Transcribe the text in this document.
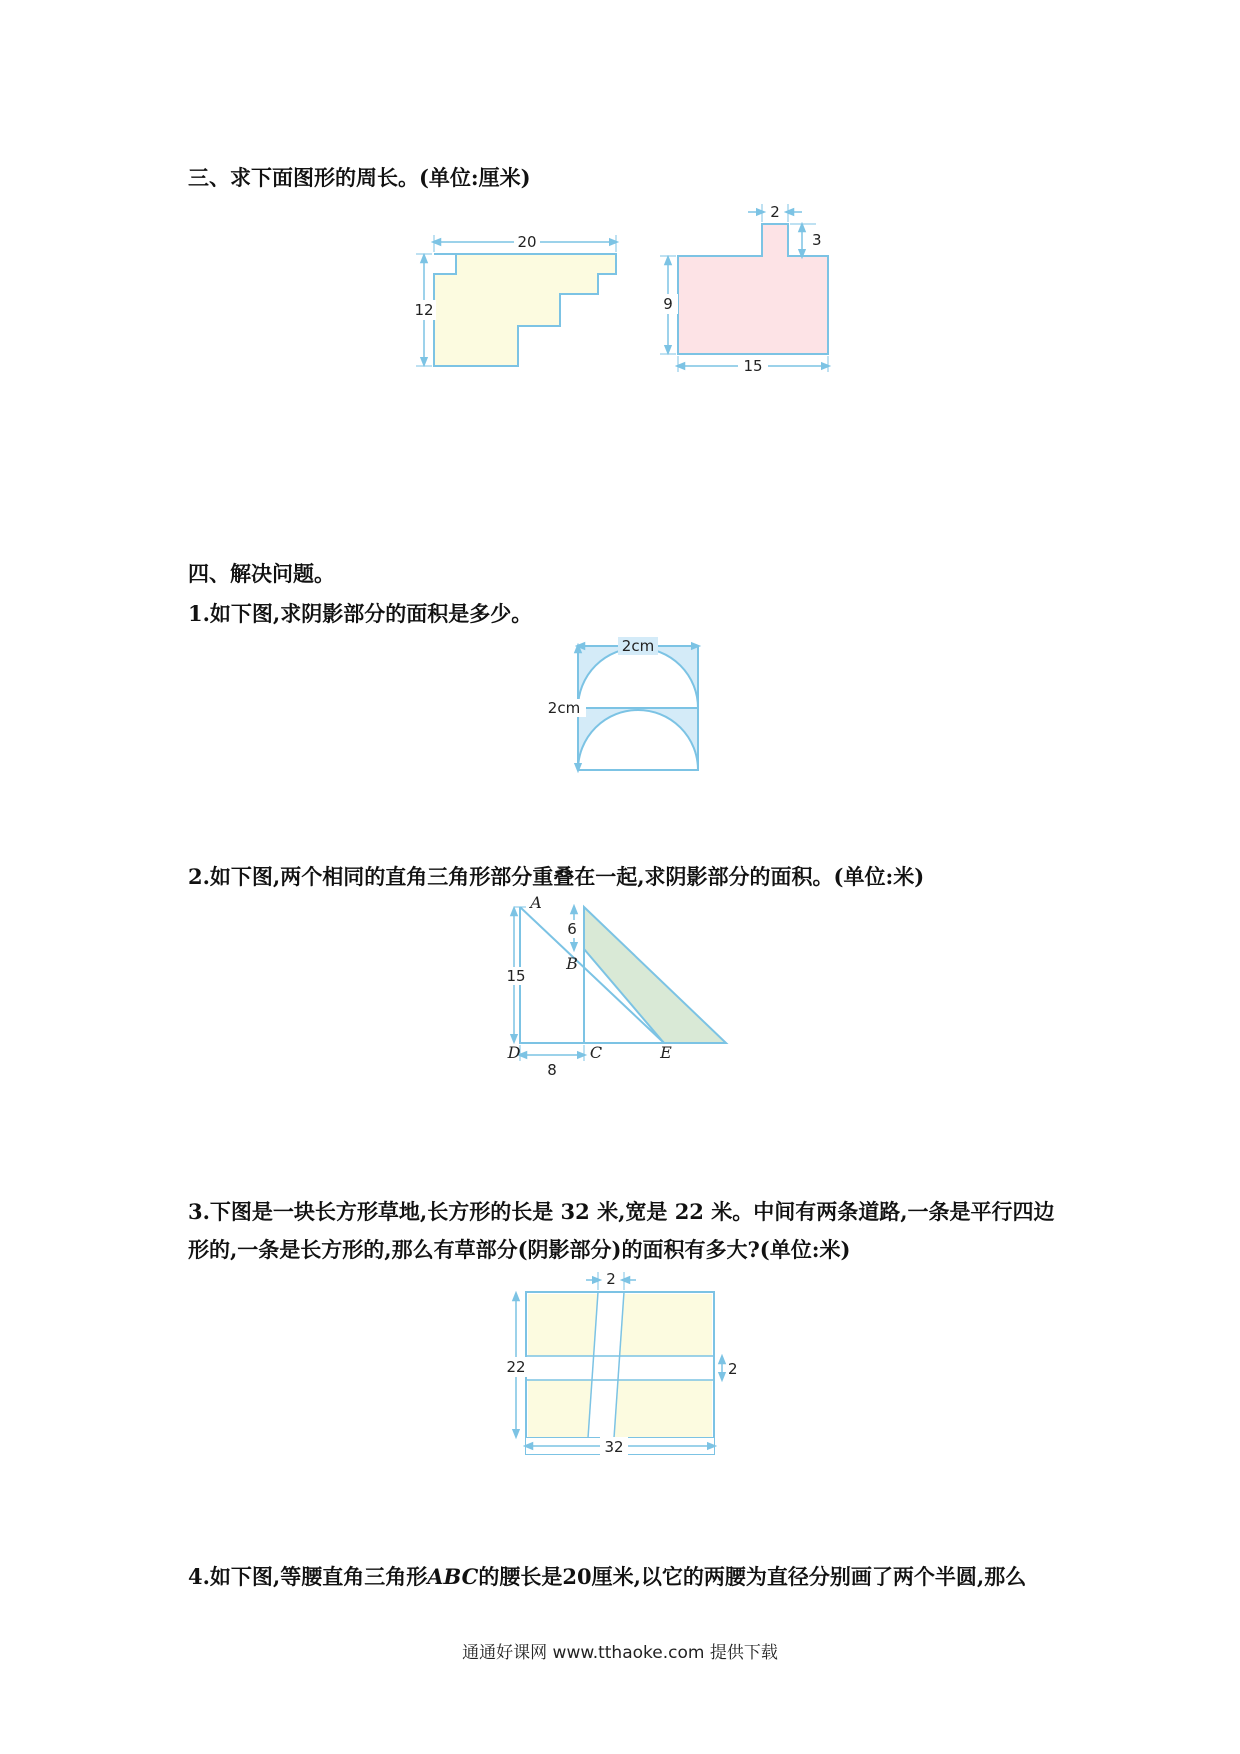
三、求下面图形的周长。(单位:厘米)
20
12
2
3
9
15
四、解决问题。
1.如下图,求阴影部分的面积是多少。
2cm
2cm
2.如下图,两个相同的直角三角形部分重叠在一起,求阴影部分的面积。(单位:米)
15
6
8
A
B
C
D	E
3.下图是一块长方形草地,长方形的长是 32 米,宽是 22 米。中间有两条道路,一条是平行四边
形的,一条是长方形的,那么有草部分(阴影部分)的面积有多大?(单位:米)
2
2
22
32
4.如下图,等腰直角三角形ABC的腰长是20厘米,以它的两腰为直径分别画了两个半圆,那么
通通好课网 www.tthaoke.com 提供下载
